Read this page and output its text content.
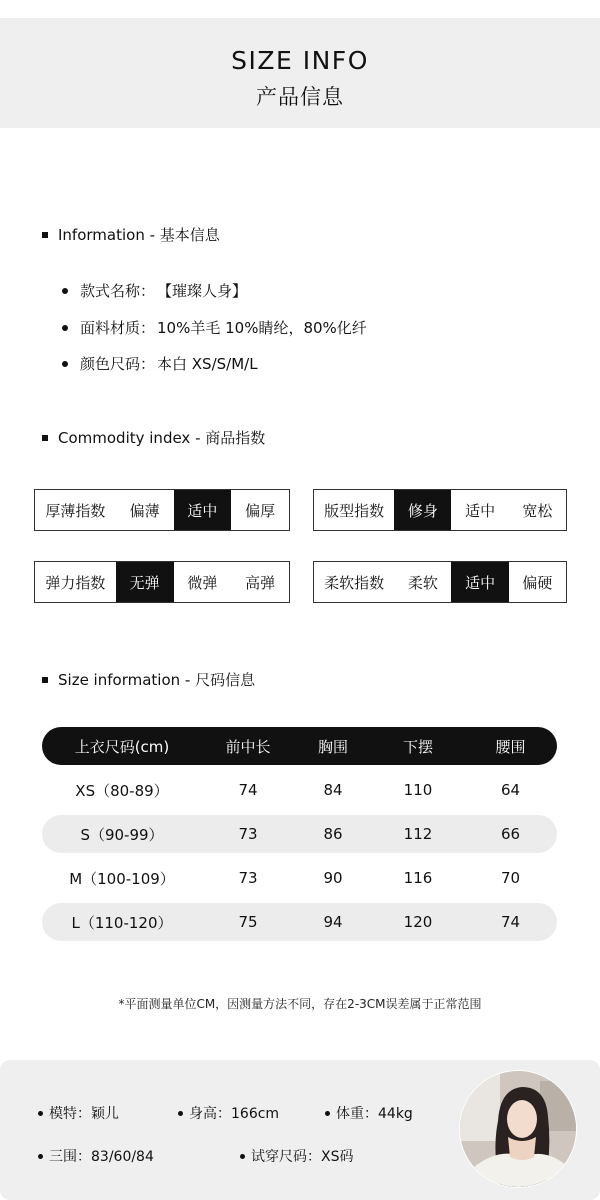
SIZE INFO
产品信息
Information - 基本信息
款式名称： 【璀璨人身】
面料材质： 10%羊毛 10%睛纶，80%化纤
颜色尺码： 本白 XS/S/M/L
Commodity index - 商品指数
厚薄指数	偏薄	适中	偏厚	版型指数	修身	适中	宽松
弹力指数	无弹	微弹	高弹	柔软指数	柔软	适中	偏硬
Size information - 尺码信息
上衣尺码(cm)	前中长	胸围	下摆	腰围
XS（80-89）	74	84	110	64
S（90-99）	73	86	112	66
M（100-109）	73	90	116	70
L（110-120）	75	94	120	74
*平面测量单位CM，因测量方法不同，存在2-3CM误差属于正常范围
模特：颖儿	身高：166cm	体重：44kg
三围：83/60/84	试穿尺码：XS码
